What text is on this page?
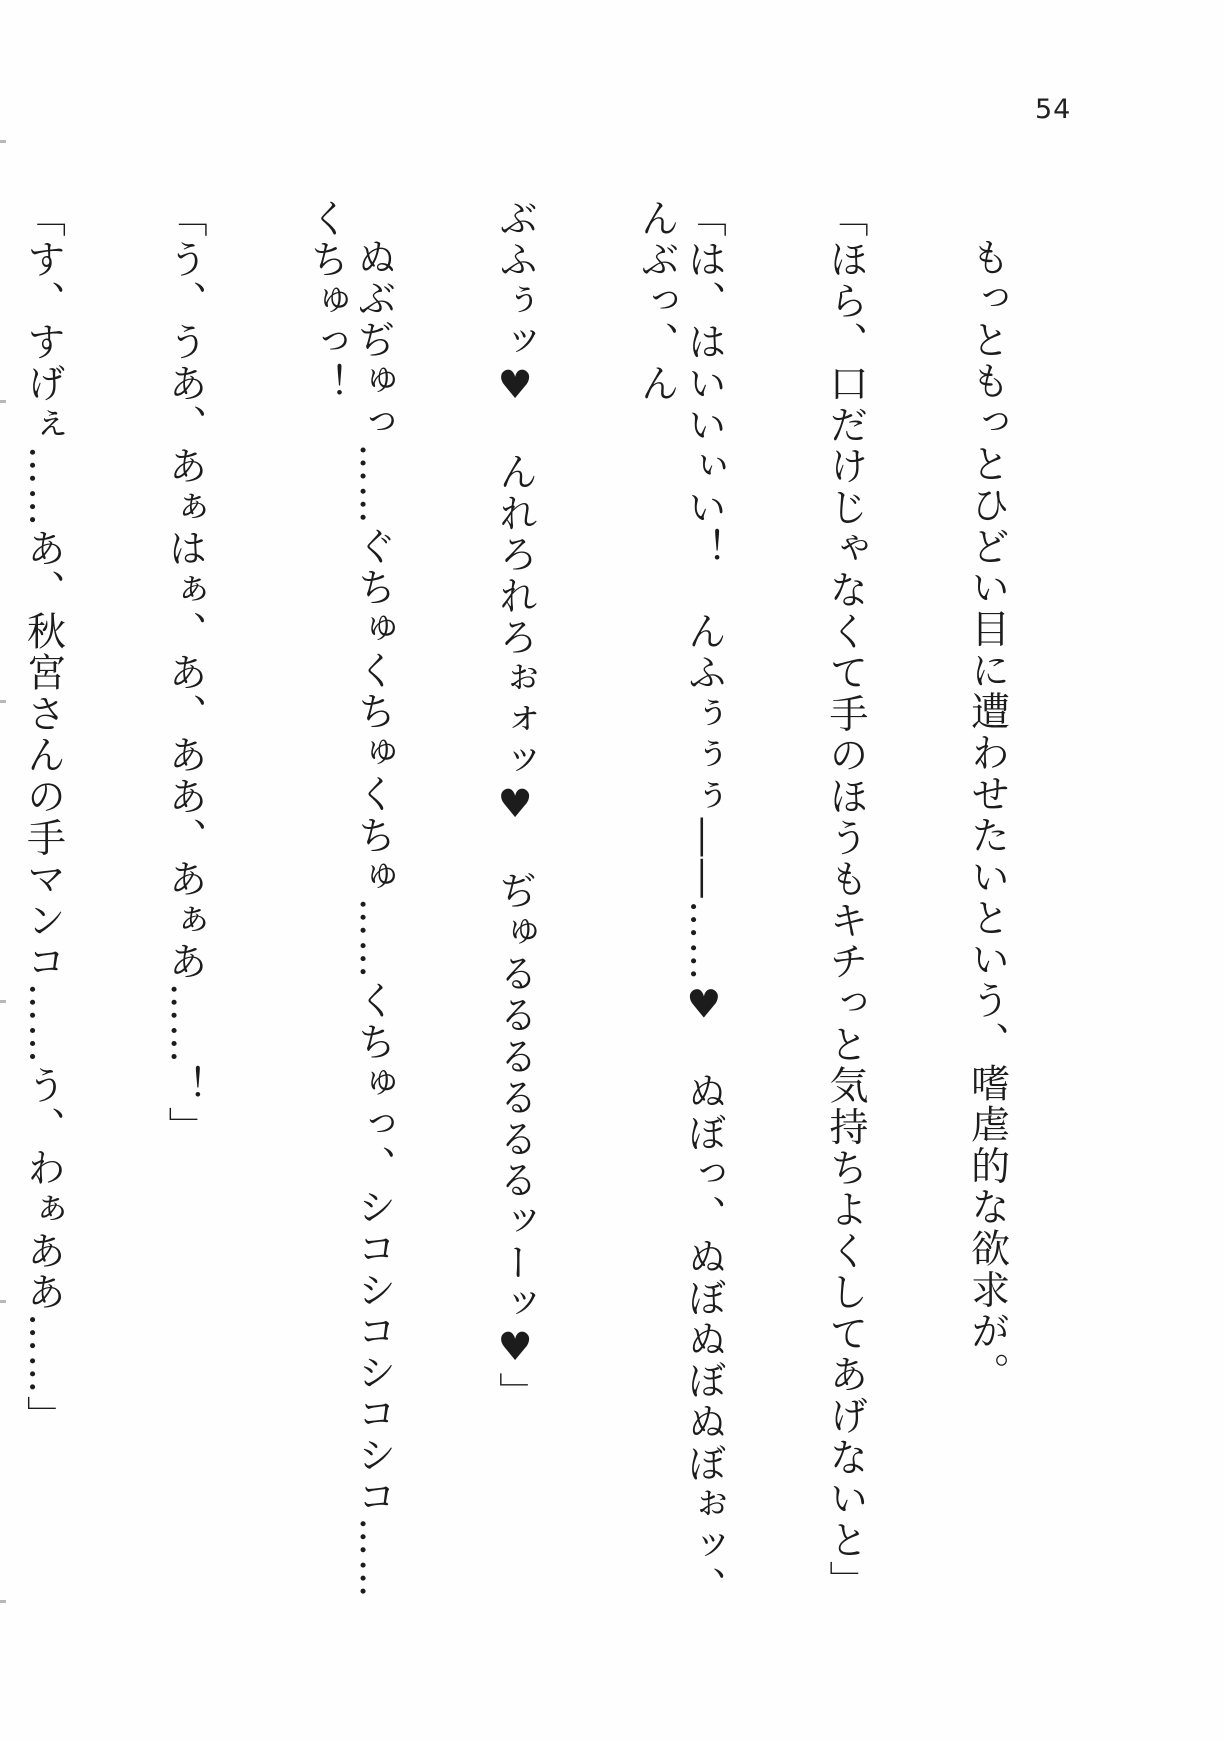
54

もっともっとひどい目に遭わせたいという、嗜虐的な欲求が。

「ほら、口だけじゃなくて手のほうもキチっと気持ちよくしてあげないと」

「は、はいいぃい！　んふぅぅぅ――……♥　ぬぼっ、ぬぼぬぼぬぼぉッ、んぶっ、ん

ぶふぅッ♥　んれろれろぉォッ♥　ぢゅるるるるるるッーッ♥」

ぬぶぢゅっ……ぐちゅくちゅくちゅ……くちゅっ、シコシコシコシコ……くちゅっ！

「う、うあ、あぁはぁ、あ、ああ、あぁあ……！」

「す、すげぇ……あ、秋宮さんの手マンコ……う、わぁああ……」
